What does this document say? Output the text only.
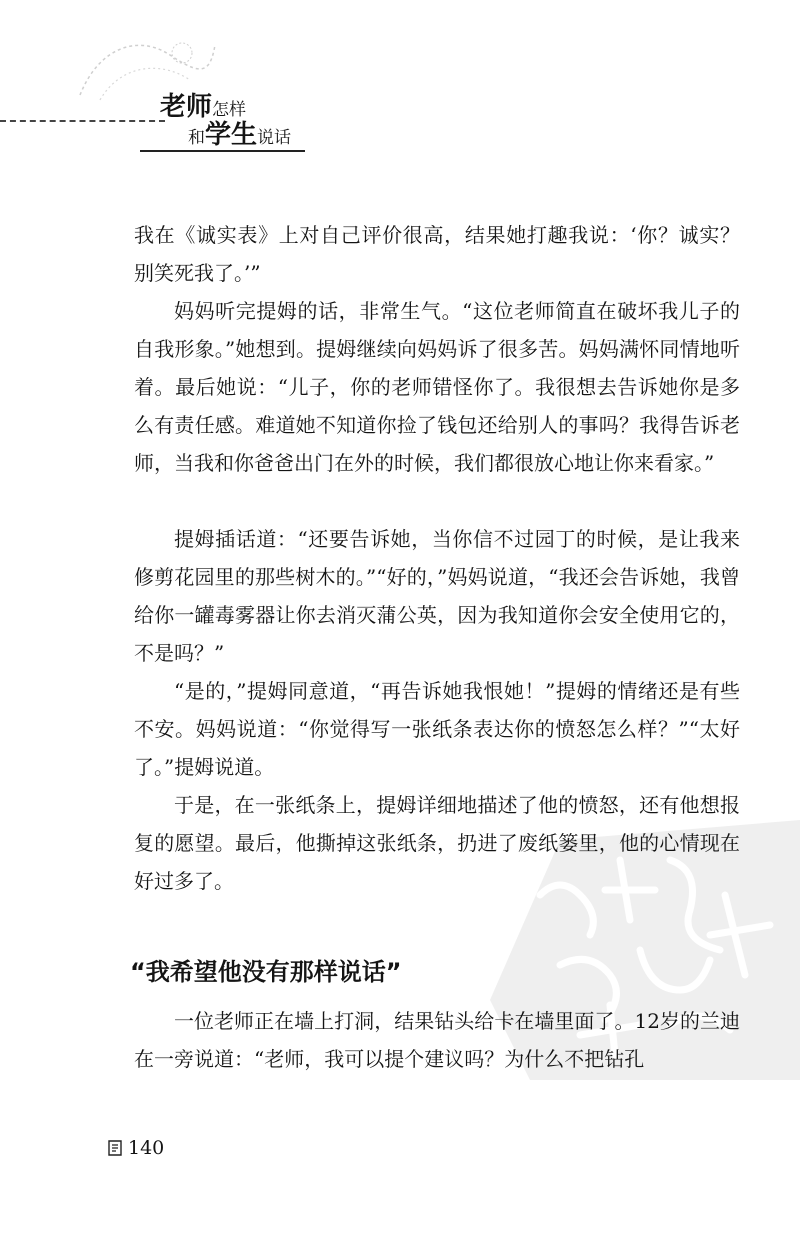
老师怎样
和学生说话

我在《诚实表》上对自己评价很高，结果她打趣我说：‘你？诚实？别笑死我了。’”

妈妈听完提姆的话，非常生气。“这位老师简直在破坏我儿子的自我形象。”她想到。提姆继续向妈妈诉了很多苦。妈妈满怀同情地听着。最后她说：“儿子，你的老师错怪你了。我很想去告诉她你是多么有责任感。难道她不知道你捡了钱包还给别人的事吗？我得告诉老师，当我和你爸爸出门在外的时候，我们都很放心地让你来看家。”

提姆插话道：“还要告诉她，当你信不过园丁的时候，是让我来修剪花园里的那些树木的。”“好的，”妈妈说道，“我还会告诉她，我曾给你一罐毒雾器让你去消灭蒲公英，因为我知道你会安全使用它的，不是吗？”

“是的，”提姆同意道，“再告诉她我恨她！”提姆的情绪还是有些不安。妈妈说道：“你觉得写一张纸条表达你的愤怒怎么样？”“太好了。”提姆说道。

于是，在一张纸条上，提姆详细地描述了他的愤怒，还有他想报复的愿望。最后，他撕掉这张纸条，扔进了废纸篓里，他的心情现在好过多了。

“我希望他没有那样说话”

一位老师正在墙上打洞，结果钻头给卡在墙里面了。12岁的兰迪在一旁说道：“老师，我可以提个建议吗？为什么不把钻孔

140
